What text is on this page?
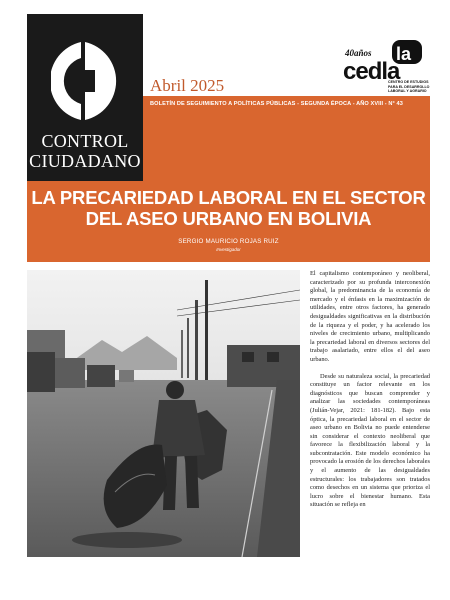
CONTROL
CIUDADANO
Abril 2025
la
40años
cedla
CENTRO DE ESTUDIOS PARA EL DESARROLLO LABORAL Y AGRARIO
BOLETÍN DE SEGUIMIENTO A POLÍTICAS PÚBLICAS - SEGUNDA ÉPOCA - AÑO XVIII - N° 43
LA PRECARIEDAD LABORAL EN EL SECTOR
DEL ASEO URBANO EN BOLIVIA
SERGIO MAURICIO ROJAS RUIZ
Investigador

El capitalismo contemporáneo y neoliberal, caracterizado por su profunda interconexión global, la predominancia de la economía de mercado y el énfasis en la maximización de utilidades, entre otros factores, ha generado desigualdades significativas en la distribución de la riqueza y el poder, y ha acelerado los niveles de crecimiento urbano, multiplicando la precariedad laboral en diversos sectores del trabajo asalariado, entre ellos el del aseo urbano.

Desde su naturaleza social, la precariedad constituye un factor relevante en los diagnósticos que buscan comprender y analizar las sociedades contemporáneas (Julián-Vejar, 2021: 181-182). Bajo esta óptica, la precariedad laboral en el sector de aseo urbano en Bolivia no puede entenderse sin considerar el contexto neoliberal que favorece la flexibilización laboral y la subcontratación. Este modelo económico ha provocado la erosión de los derechos laborales y el aumento de las desigualdades estructurales: los trabajadores son tratados como desechos en un sistema que prioriza el lucro sobre el bienestar humano. Esta situación se refleja en
